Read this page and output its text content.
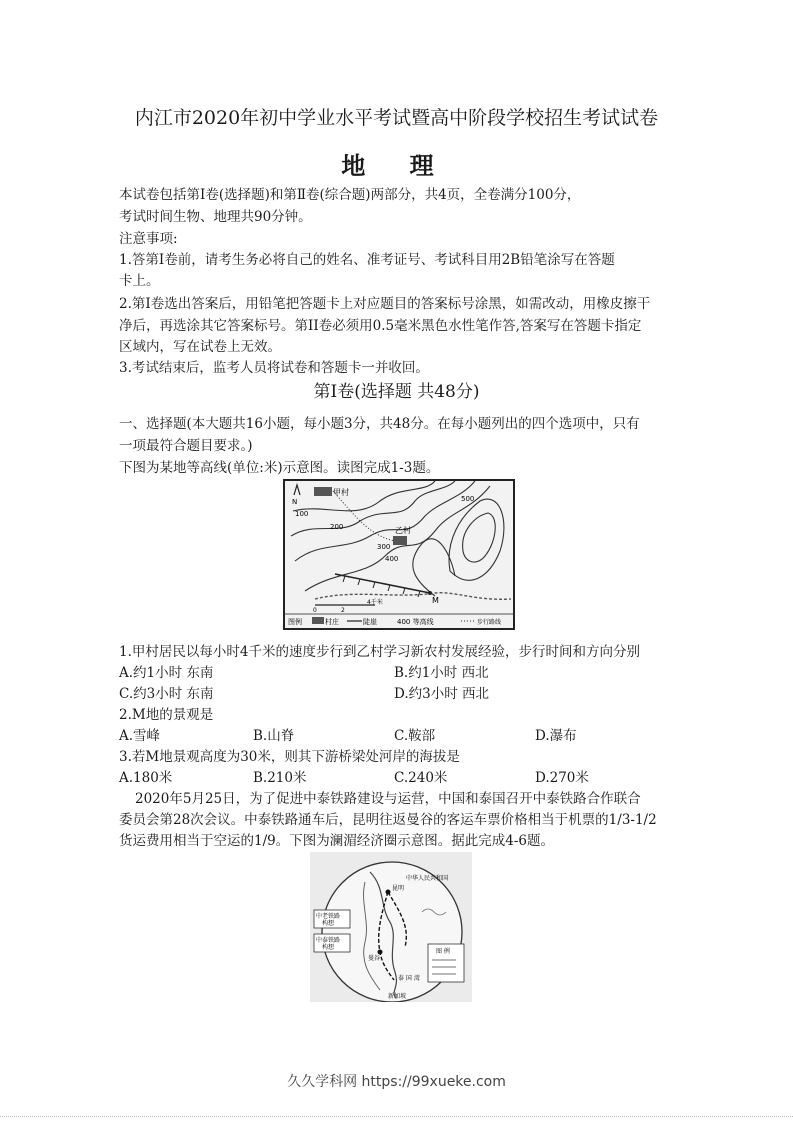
内江市2020年初中学业水平考试暨高中阶段学校招生考试试卷
地 理
本试卷包括第I卷(选择题)和第Ⅱ卷(综合题)两部分，共4页，全卷满分100分，
考试时间生物、地理共90分钟。
注意事项:
1.答第I卷前，请考生务必将自己的姓名、准考证号、考试科目用2B铅笔涂写在答题
卡上。
2.第I卷选出答案后，用铅笔把答题卡上对应题目的答案标号涂黑，如需改动，用橡皮擦干
净后，再选涂其它答案标号。第II卷必须用0.5毫米黑色水性笔作答,答案写在答题卡指定
区域内，写在试卷上无效。
3.考试结束后，监考人员将试卷和答题卡一并收回。
第I卷(选择题 共48分)
一、选择题(本大题共16小题，每小题3分，共48分。在每小题列出的四个选项中，只有
一项最符合题目要求。)
下图为某地等高线(单位:米)示意图。读图完成1-3题。
N
甲村
乙村
M
100
200
300
400
500
0	2
4千米
图例	村庄	陡崖	400 等高线	步行路线
1.甲村居民以每小时4千米的速度步行到乙村学习新农村发展经验，步行时间和方向分别
A.约1小时 东南	B.约1小时 西北
C.约3小时 东南	D.约3小时 西北
2.M地的景观是
A.雪峰	B.山脊	C.鞍部	D.瀑布
3.若M地景观高度为30米，则其下游桥梁处河岸的海拔是
A.180米	B.210米	C.240米	D.270米
2020年5月25日，为了促进中泰铁路建设与运营，中国和泰国召开中泰铁路合作联合
委员会第28次会议。中泰铁路通车后，昆明往返曼谷的客运车票价格相当于机票的1/3-1/2
货运费用相当于空运的1/9。下图为澜湄经济圈示意图。据此完成4-6题。
中华人民共和国
昆明
中老铁路
构想
中泰铁路
构想
曼谷
泰 国 湾
新加坡
图 例
久久学科网 https://99xueke.com
